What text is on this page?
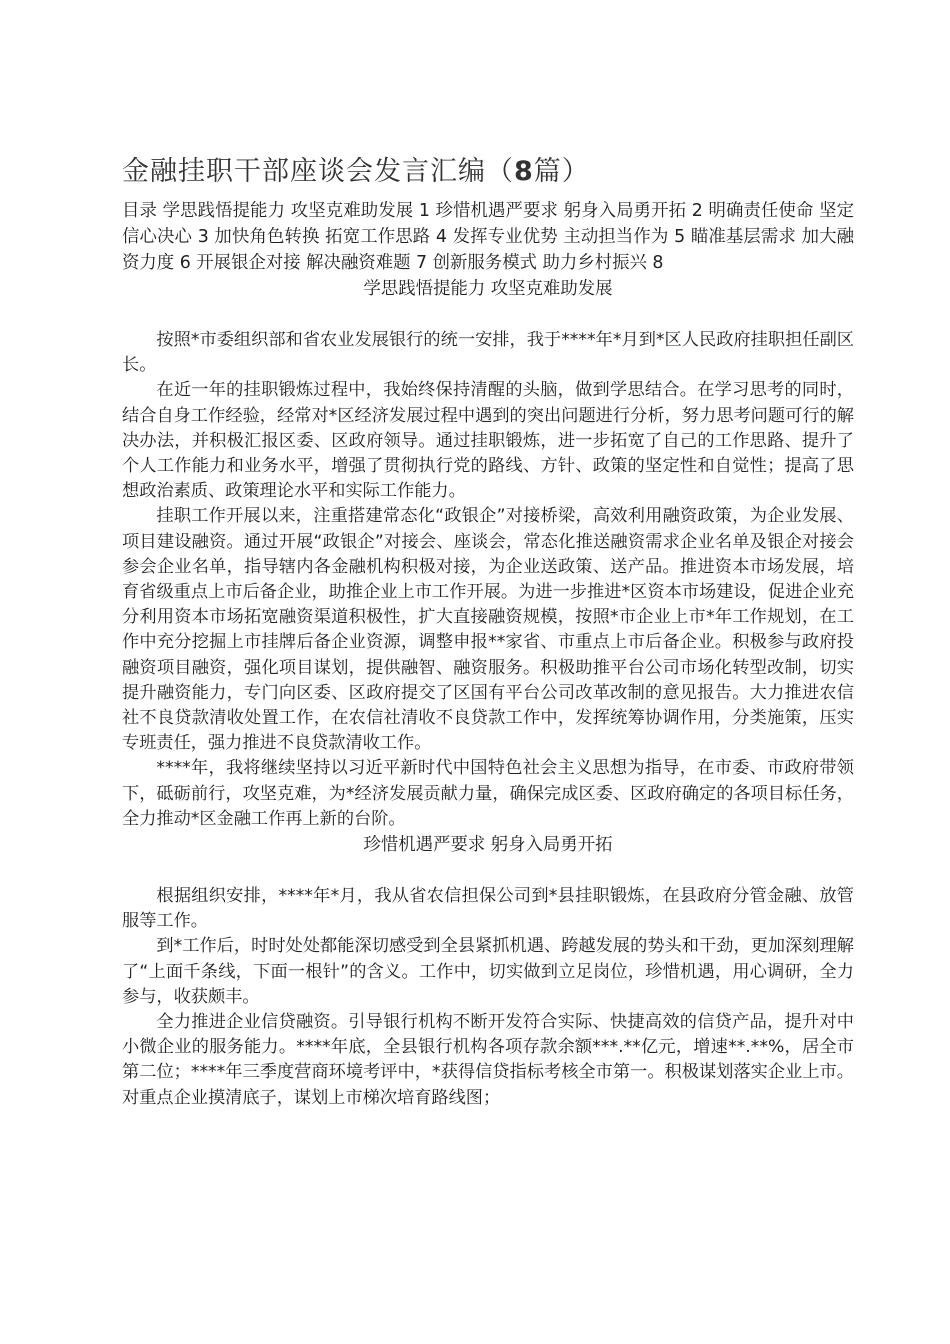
金融挂职干部座谈会发言汇编（8篇）

目录 学思践悟提能力 攻坚克难助发展 1 珍惜机遇严要求 躬身入局勇开拓 2 明确责任使命 坚定信心决心 3 加快角色转换 拓宽工作思路 4 发挥专业优势 主动担当作为 5 瞄准基层需求 加大融资力度 6 开展银企对接 解决融资难题 7 创新服务模式 助力乡村振兴 8

学思践悟提能力 攻坚克难助发展

按照*市委组织部和省农业发展银行的统一安排，我于****年*月到*区人民政府挂职担任副区长。

在近一年的挂职锻炼过程中，我始终保持清醒的头脑，做到学思结合。在学习思考的同时，结合自身工作经验，经常对*区经济发展过程中遇到的突出问题进行分析，努力思考问题可行的解决办法，并积极汇报区委、区政府领导。通过挂职锻炼，进一步拓宽了自己的工作思路、提升了个人工作能力和业务水平，增强了贯彻执行党的路线、方针、政策的坚定性和自觉性；提高了思想政治素质、政策理论水平和实际工作能力。

挂职工作开展以来，注重搭建常态化“政银企”对接桥梁，高效利用融资政策，为企业发展、项目建设融资。通过开展“政银企”对接会、座谈会，常态化推送融资需求企业名单及银企对接会参会企业名单，指导辖内各金融机构积极对接，为企业送政策、送产品。推进资本市场发展，培育省级重点上市后备企业，助推企业上市工作开展。为进一步推进*区资本市场建设，促进企业充分利用资本市场拓宽融资渠道积极性，扩大直接融资规模，按照*市企业上市*年工作规划，在工作中充分挖掘上市挂牌后备企业资源，调整申报**家省、市重点上市后备企业。积极参与政府投融资项目融资，强化项目谋划，提供融智、融资服务。积极助推平台公司市场化转型改制，切实提升融资能力，专门向区委、区政府提交了区国有平台公司改革改制的意见报告。大力推进农信社不良贷款清收处置工作，在农信社清收不良贷款工作中，发挥统筹协调作用，分类施策，压实专班责任，强力推进不良贷款清收工作。

****年，我将继续坚持以习近平新时代中国特色社会主义思想为指导，在市委、市政府带领下，砥砺前行，攻坚克难，为*经济发展贡献力量，确保完成区委、区政府确定的各项目标任务，全力推动*区金融工作再上新的台阶。

珍惜机遇严要求 躬身入局勇开拓

根据组织安排，****年*月，我从省农信担保公司到*县挂职锻炼，在县政府分管金融、放管服等工作。

到*工作后，时时处处都能深切感受到全县紧抓机遇、跨越发展的势头和干劲，更加深刻理解了“上面千条线，下面一根针”的含义。工作中，切实做到立足岗位，珍惜机遇，用心调研，全力参与，收获颇丰。

全力推进企业信贷融资。引导银行机构不断开发符合实际、快捷高效的信贷产品，提升对中小微企业的服务能力。****年底，全县银行机构各项存款余额***.**亿元，增速**.**%，居全市第二位；****年三季度营商环境考评中，*获得信贷指标考核全市第一。积极谋划落实企业上市。对重点企业摸清底子，谋划上市梯次培育路线图；
